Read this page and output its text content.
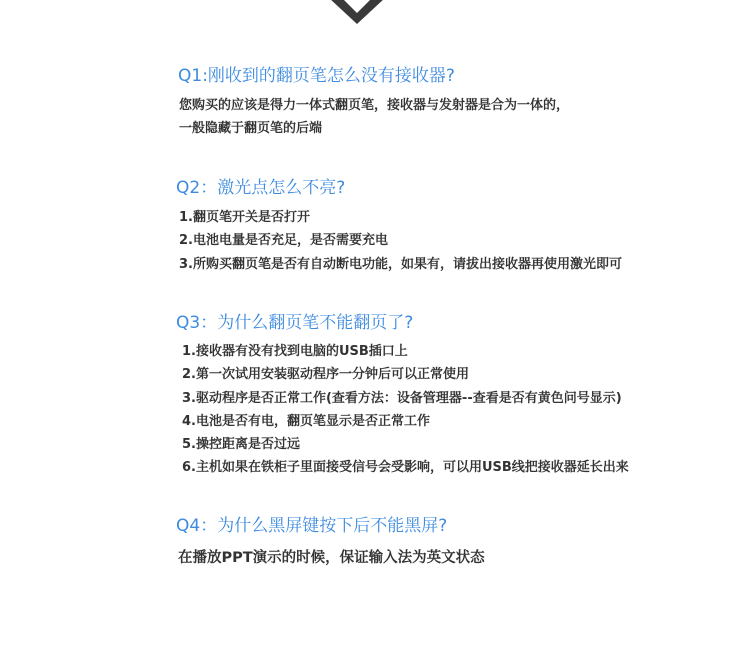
Q1:刚收到的翻页笔怎么没有接收器?

您购买的应该是得力一体式翻页笔，接收器与发射器是合为一体的，

一般隐藏于翻页笔的后端

Q2：激光点怎么不亮?

1.翻页笔开关是否打开

2.电池电量是否充足，是否需要充电

3.所购买翻页笔是否有自动断电功能，如果有，请拔出接收器再使用激光即可

Q3：为什么翻页笔不能翻页了?

1.接收器有没有找到电脑的USB插口上

2.第一次试用安装驱动程序一分钟后可以正常使用

3.驱动程序是否正常工作(查看方法：设备管理器--查看是否有黄色问号显示)

4.电池是否有电，翻页笔显示是否正常工作

5.操控距离是否过远

6.主机如果在铁柜子里面接受信号会受影响，可以用USB线把接收器延长出来

Q4：为什么黑屏键按下后不能黑屏?

在播放PPT演示的时候，保证输入法为英文状态
